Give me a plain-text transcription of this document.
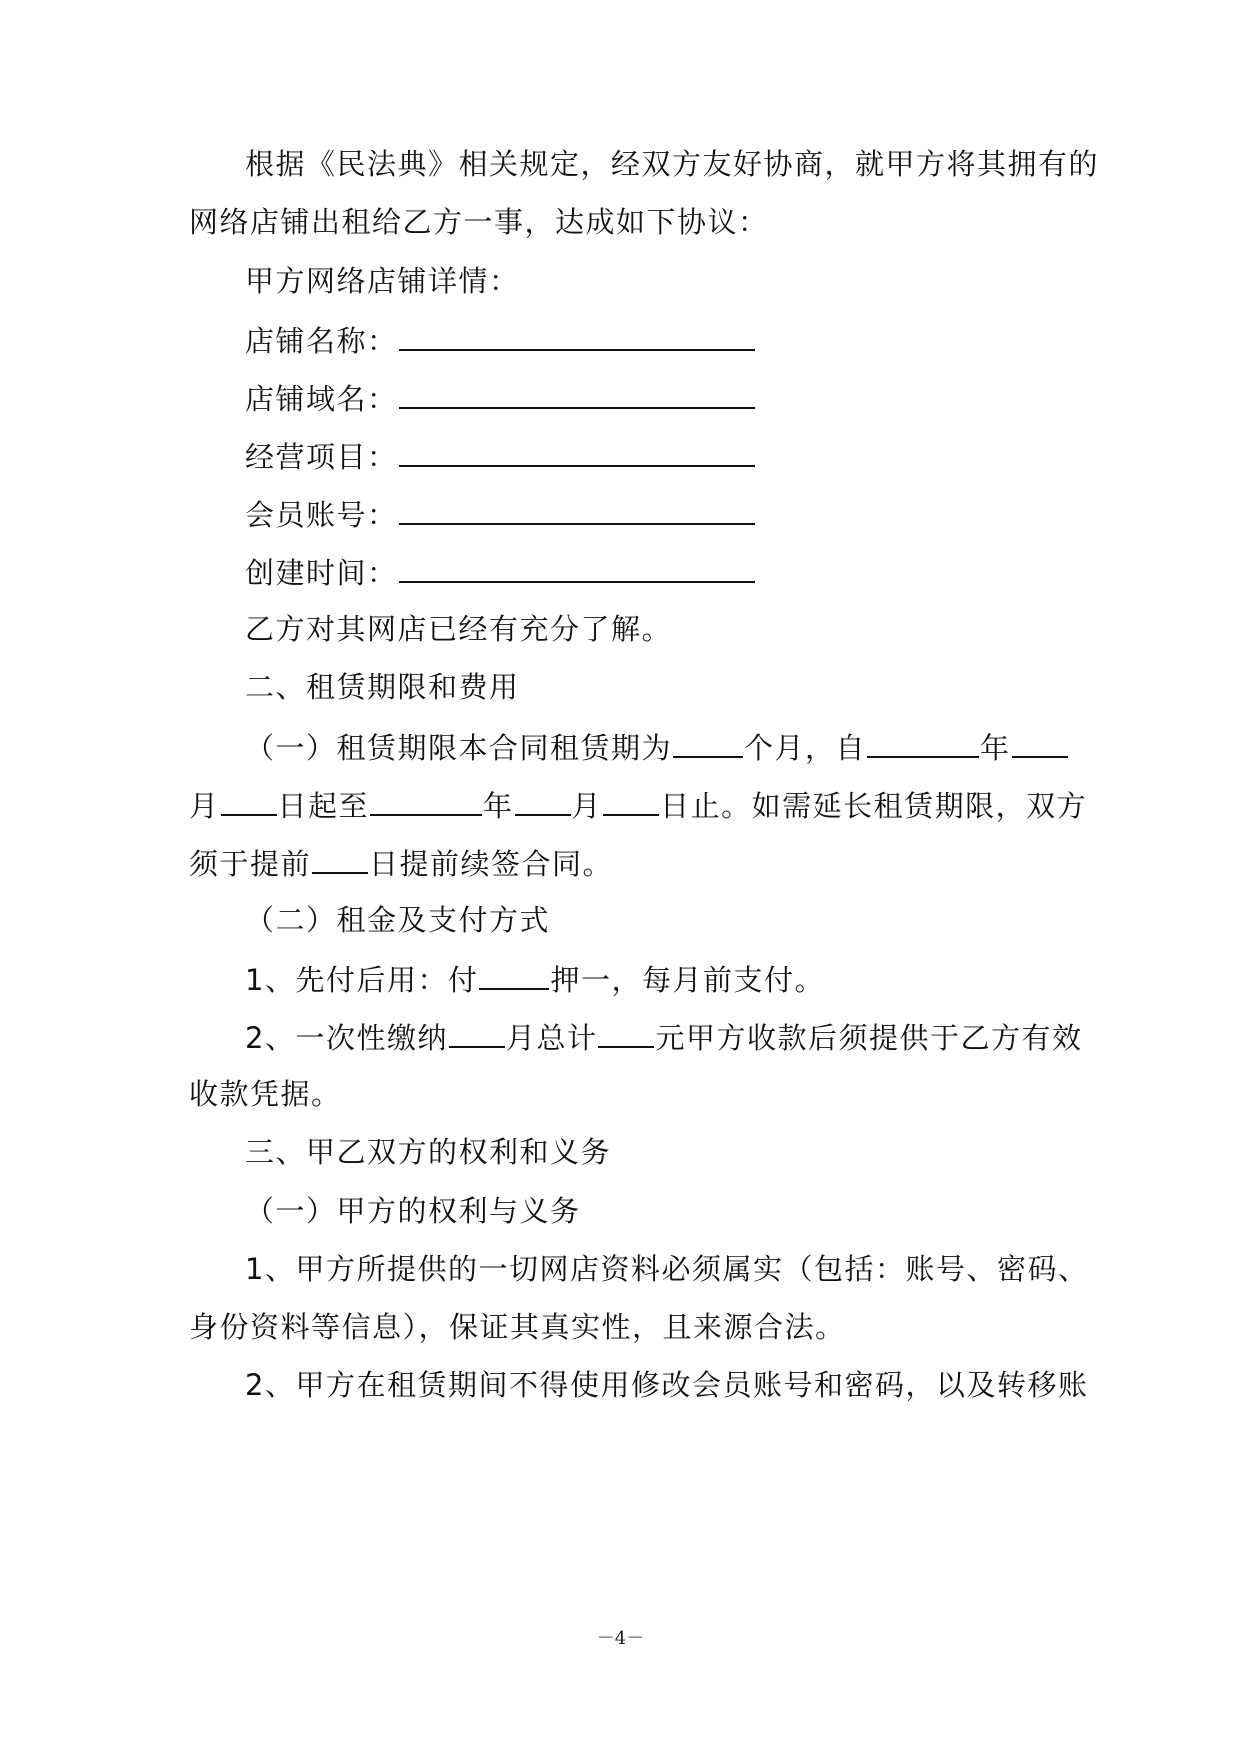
根据《民法典》相关规定，经双方友好协商，就甲方将其拥有的
网络店铺出租给乙方一事，达成如下协议：
甲方网络店铺详情：
店铺名称：
店铺域名：
经营项目：
会员账号：
创建时间：
乙方对其网店已经有充分了解。
二、租赁期限和费用
（一）租赁期限本合同租赁期为 个月，自	年
月 日起至	年 月 日止。如需延长租赁期限，双方
须于提前 日提前续签合同。
（二）租金及支付方式
1、先付后用：付 押一，每月前支付。
2、一次性缴纳 月总计 元甲方收款后须提供于乙方有效
收款凭据。
三、甲乙双方的权利和义务
（一）甲方的权利与义务
1、甲方所提供的一切网店资料必须属实（包括：账号、密码、
身份资料等信息），保证其真实性，且来源合法。
2、甲方在租赁期间不得使用修改会员账号和密码，以及转移账
－4－
